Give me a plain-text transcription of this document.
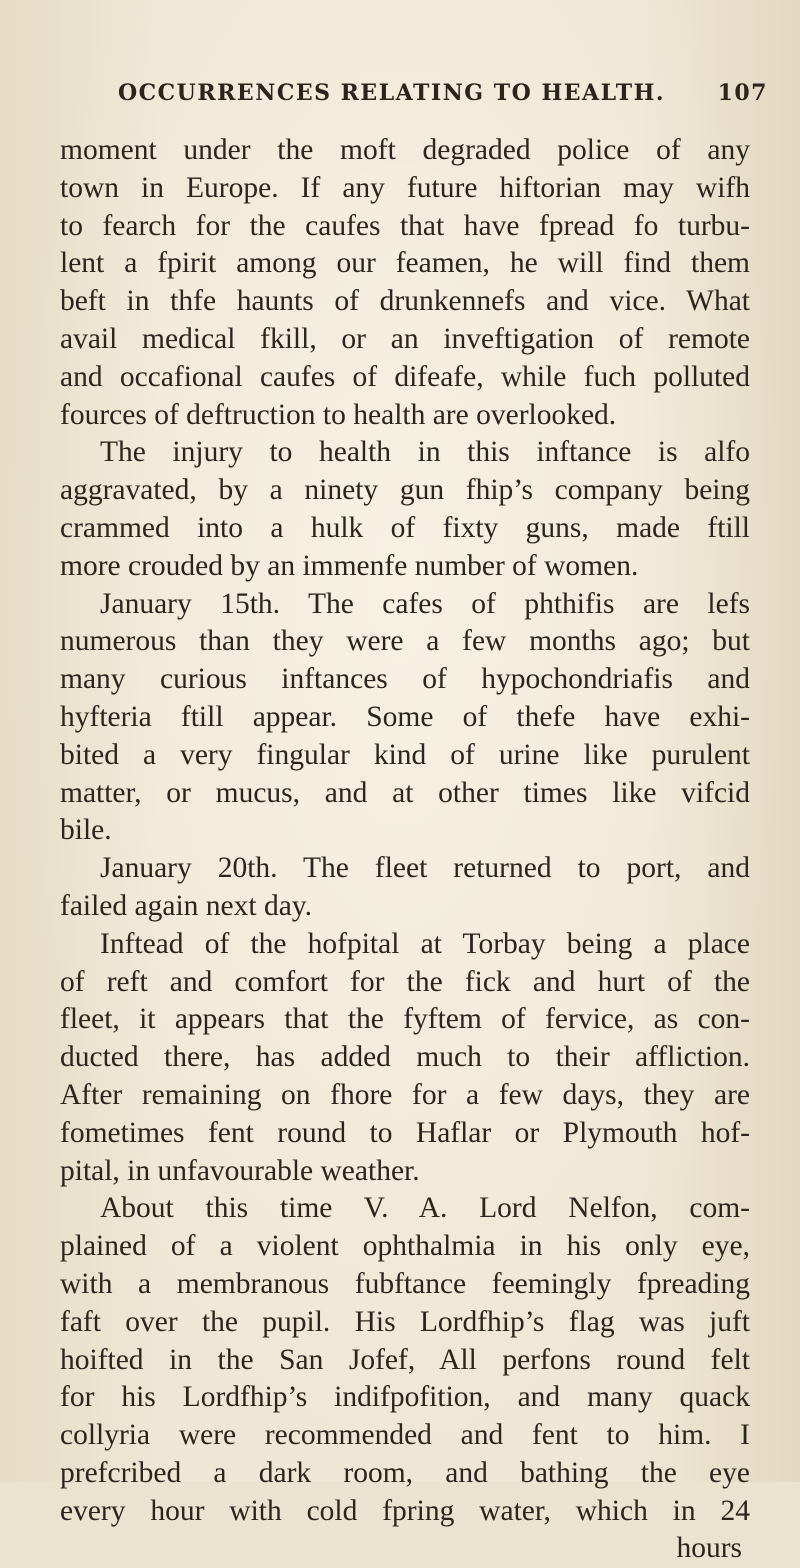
OCCURRENCES RELATING TO HEALTH. 107

moment under the moft degraded police of any

town in Europe. If any future hiftorian may wifh

to fearch for the caufes that have fpread fo turbu-

lent a fpirit among our feamen, he will find them

beft in thfe haunts of drunkennefs and vice. What

avail medical fkill, or an inveftigation of remote

and occafional caufes of difeafe, while fuch polluted

fources of deftruction to health are overlooked.

The injury to health in this inftance is alfo

aggravated, by a ninety gun fhip’s company being

crammed into a hulk of fixty guns, made ftill

more crouded by an immenfe number of women.

January 15th. The cafes of phthifis are lefs

numerous than they were a few months ago; but

many curious inftances of hypochondriafis and

hyfteria ftill appear. Some of thefe have exhi-

bited a very fingular kind of urine like purulent

matter, or mucus, and at other times like vifcid

bile.

January 20th. The fleet returned to port, and

failed again next day.

Inftead of the hofpital at Torbay being a place

of reft and comfort for the fick and hurt of the

fleet, it appears that the fyftem of fervice, as con-

ducted there, has added much to their affliction.

After remaining on fhore for a few days, they are

fometimes fent round to Haflar or Plymouth hof-

pital, in unfavourable weather.

About this time V. A. Lord Nelfon, com-

plained of a violent ophthalmia in his only eye,

with a membranous fubftance feemingly fpreading

faft over the pupil. His Lordfhip’s flag was juft

hoifted in the San Jofef, All perfons round felt

for his Lordfhip’s indifpofition, and many quack

collyria were recommended and fent to him. I

prefcribed a dark room, and bathing the eye

every hour with cold fpring water, which in 24

hours
